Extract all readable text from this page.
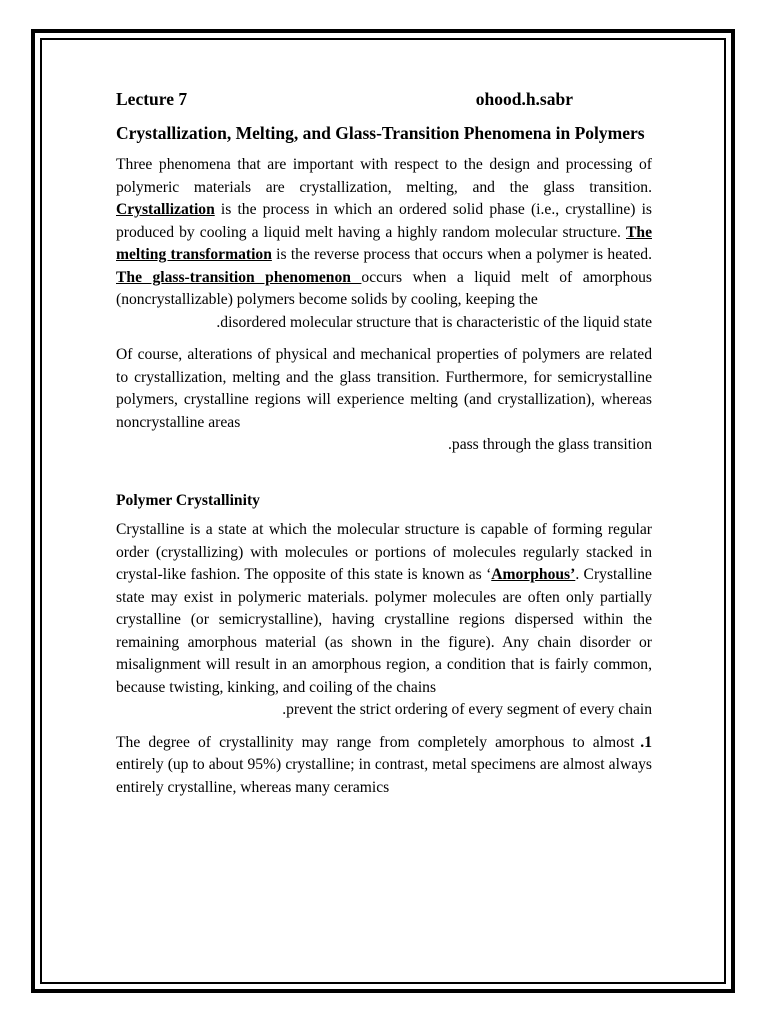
Lecture 7	ohood.h.sabr
Crystallization, Melting, and Glass-Transition Phenomena in Polymers

Three phenomena that are important with respect to the design and processing of polymeric materials are crystallization, melting, and the glass transition. Crystallization is the process in which an ordered solid phase (i.e., crystalline) is produced by cooling a liquid melt having a highly random molecular structure. The melting transformation is the reverse process that occurs when a polymer is heated. The glass-transition phenomenon occurs when a liquid melt of amorphous (noncrystallizable) polymers become solids by cooling, keeping the
.disordered molecular structure that is characteristic of the liquid state

Of course, alterations of physical and mechanical properties of polymers are related to crystallization, melting and the glass transition. Furthermore, for semicrystalline polymers, crystalline regions will experience melting (and crystallization), whereas noncrystalline areas
.pass through the glass transition

Polymer Crystallinity

Crystalline is a state at which the molecular structure is capable of forming regular order (crystallizing) with molecules or portions of molecules regularly stacked in crystal-like fashion. The opposite of this state is known as ‘Amorphous’. Crystalline state may exist in polymeric materials. polymer molecules are often only partially crystalline (or semicrystalline), having crystalline regions dispersed within the remaining amorphous material (as shown in the figure). Any chain disorder or misalignment will result in an amorphous region, a condition that is fairly common, because twisting, kinking, and coiling of the chains
.prevent the strict ordering of every segment of every chain

.1
The degree of crystallinity may range from completely amorphous to almost entirely (up to about 95%) crystalline; in contrast, metal specimens are almost always entirely crystalline, whereas many ceramics
